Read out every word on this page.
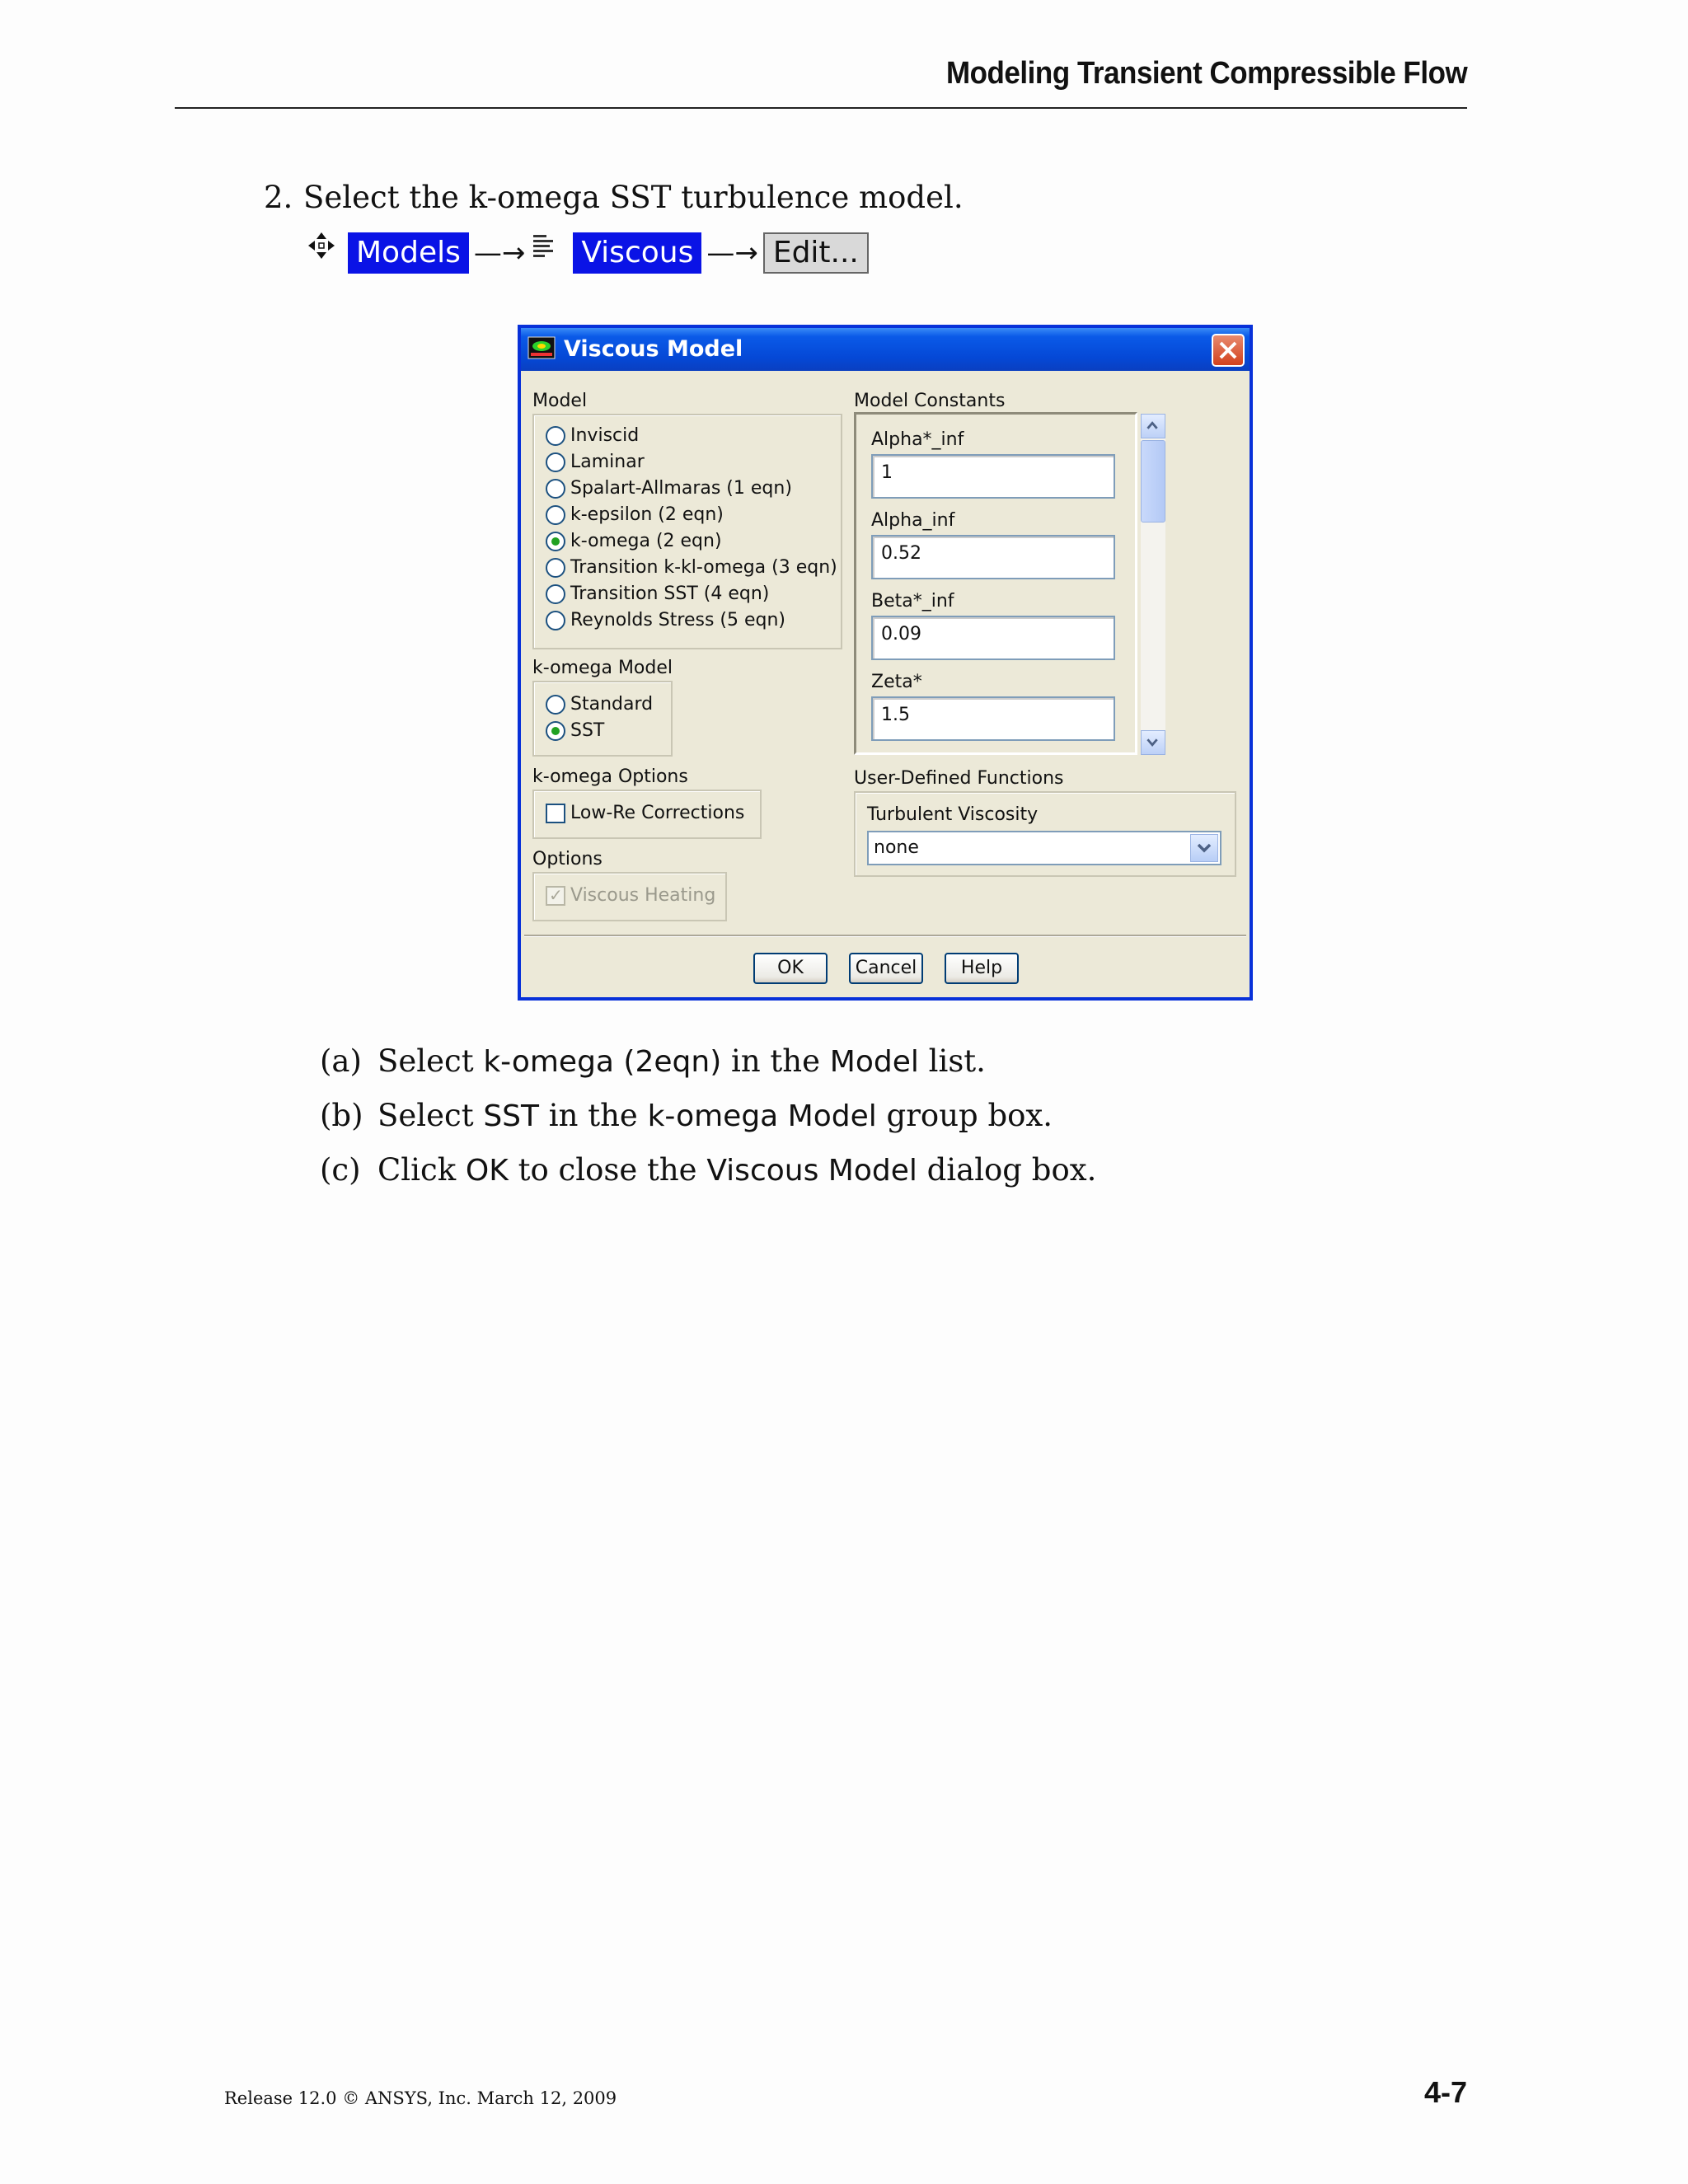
Modeling Transient Compressible Flow
2. Select the k-omega SST turbulence model.
Models —→ Viscous —→ Edit...
Viscous Model
Model
Inviscid
Laminar
Spalart-Allmaras (1 eqn)
k-epsilon (2 eqn)
k-omega (2 eqn)
Transition k-kl-omega (3 eqn)
Transition SST (4 eqn)
Reynolds Stress (5 eqn)
k-omega Model
Standard
SST
k-omega Options
Low-Re Corrections
Options
✓
Viscous Heating
Model Constants
Alpha*_inf
1
Alpha_inf
0.52
Beta*_inf
0.09
Zeta*
1.5
User-Defined Functions
Turbulent Viscosity
none
OK	Cancel	Help
(a) Select k-omega (2eqn) in the Model list.
(b) Select SST in the k-omega Model group box.
(c) Click OK to close the Viscous Model dialog box.
Release 12.0 © ANSYS, Inc. March 12, 2009	4-7
